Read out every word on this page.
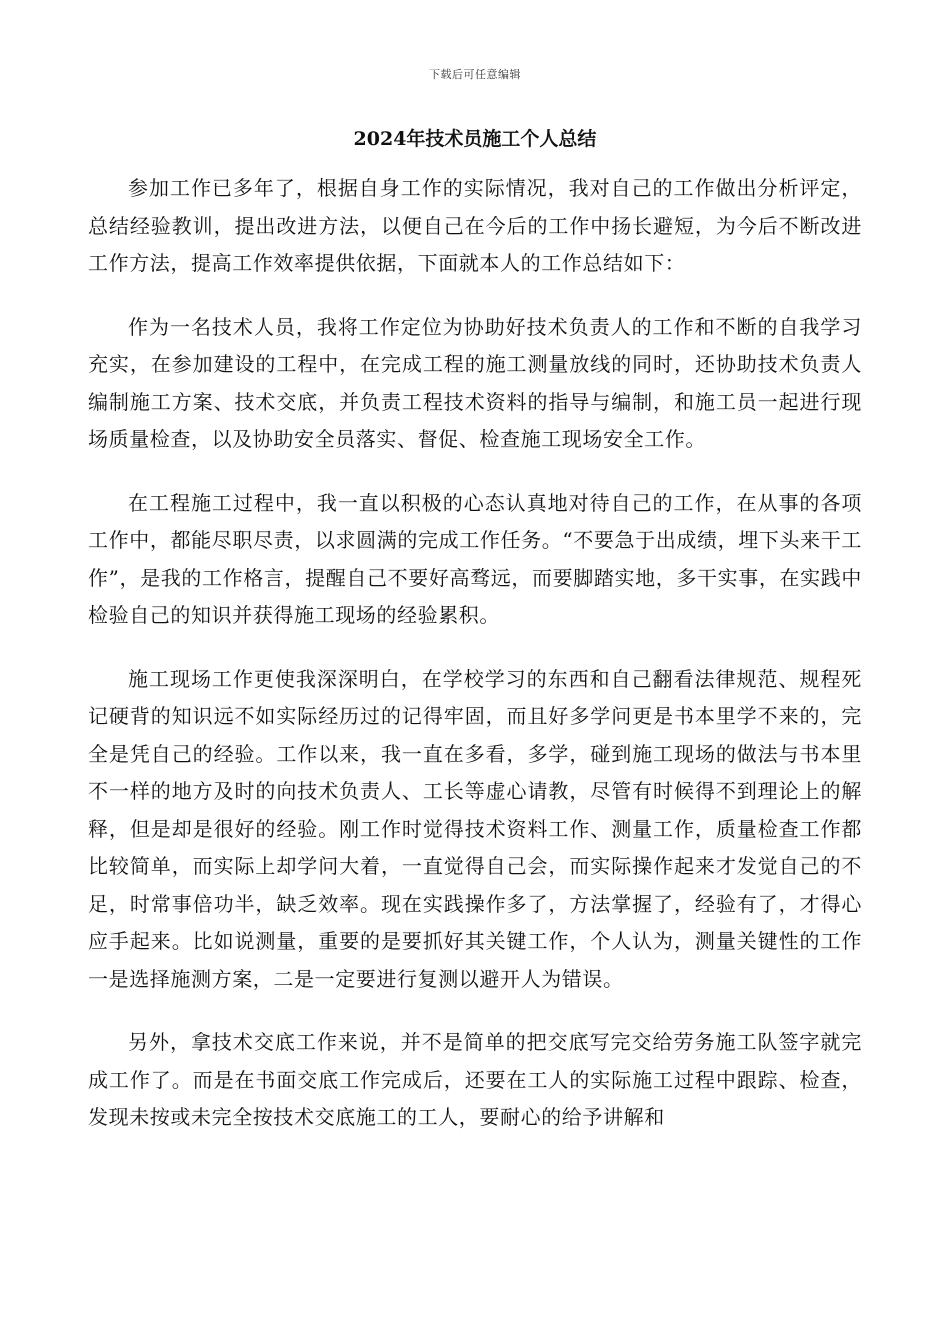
下载后可任意编辑
2024年技术员施工个人总结

参加工作已多年了，根据自身工作的实际情况，我对自己的工作做出分析评定，总结经验教训，提出改进方法，以便自己在今后的工作中扬长避短，为今后不断改进工作方法，提高工作效率提供依据，下面就本人的工作总结如下：

作为一名技术人员，我将工作定位为协助好技术负责人的工作和不断的自我学习充实，在参加建设的工程中，在完成工程的施工测量放线的同时，还协助技术负责人编制施工方案、技术交底，并负责工程技术资料的指导与编制，和施工员一起进行现场质量检查，以及协助安全员落实、督促、检查施工现场安全工作。

在工程施工过程中，我一直以积极的心态认真地对待自己的工作，在从事的各项工作中，都能尽职尽责，以求圆满的完成工作任务。“不要急于出成绩，埋下头来干工作”，是我的工作格言，提醒自己不要好高骛远，而要脚踏实地，多干实事，在实践中检验自己的知识并获得施工现场的经验累积。

施工现场工作更使我深深明白，在学校学习的东西和自己翻看法律规范、规程死记硬背的知识远不如实际经历过的记得牢固，而且好多学问更是书本里学不来的，完全是凭自己的经验。工作以来，我一直在多看，多学，碰到施工现场的做法与书本里不一样的地方及时的向技术负责人、工长等虚心请教，尽管有时候得不到理论上的解释，但是却是很好的经验。刚工作时觉得技术资料工作、测量工作，质量检查工作都比较简单，而实际上却学问大着，一直觉得自己会，而实际操作起来才发觉自己的不足，时常事倍功半，缺乏效率。现在实践操作多了，方法掌握了，经验有了，才得心应手起来。比如说测量，重要的是要抓好其关键工作，个人认为，测量关键性的工作一是选择施测方案，二是一定要进行复测以避开人为错误。

另外，拿技术交底工作来说，并不是简单的把交底写完交给劳务施工队签字就完成工作了。而是在书面交底工作完成后，还要在工人的实际施工过程中跟踪、检查，发现未按或未完全按技术交底施工的工人，要耐心的给予讲解和
